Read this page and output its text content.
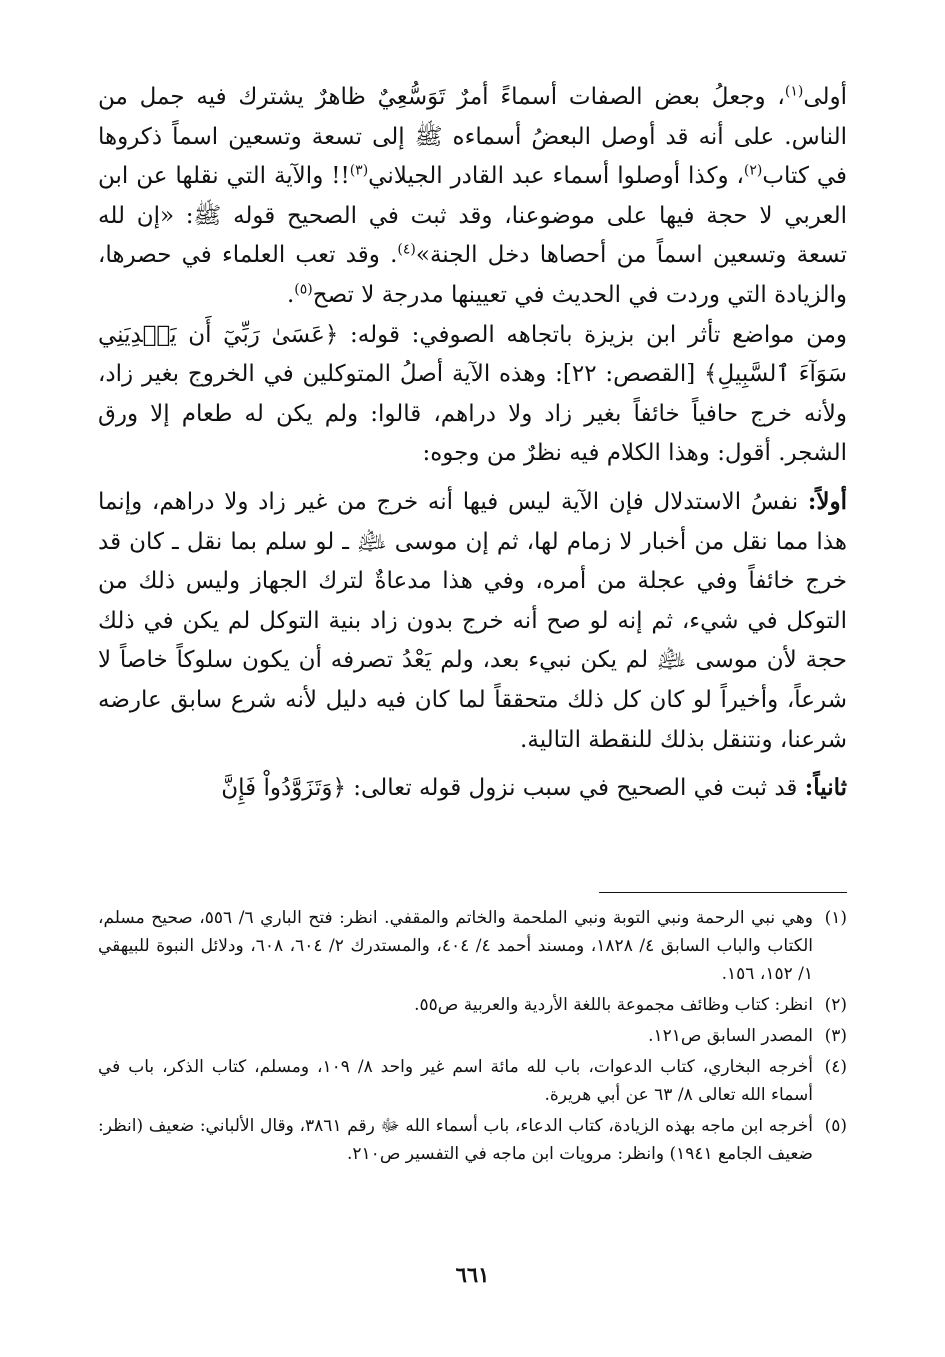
أولى$^{(١)}$، وجعلُ بعض الصفات أسماءً أمرٌ تَوَسُّعِيٌ ظاهرٌ يشترك فيه جمل من الناس. على أنه قد أوصل البعضُ أسماءه ﷺ إلى تسعة وتسعين اسماً ذكروها في كتاب$^{(٢)}$، وكذا أوصلوا أسماء عبد القادر الجيلاني$^{(٣)}$!! والآية التي نقلها عن ابن العربي لا حجة فيها على موضوعنا، وقد ثبت في الصحيح قوله ﷺ: «إن لله تسعة وتسعين اسماً من أحصاها دخل الجنة»$^{(٤)}$. وقد تعب العلماء في حصرها، والزيادة التي وردت في الحديث في تعيينها مدرجة لا تصح$^{(٥)}$.

ومن مواضع تأثر ابن بزيزة باتجاهه الصوفي: قوله: ﴿عَسَىٰ رَبِّيٓ أَن يَهۡدِيَنِي سَوَآءَ ٱلسَّبِيلِ﴾ [القصص: ٢٢]: وهذه الآية أصلُ المتوكلين في الخروج بغير زاد، ولأنه خرج حافياً خائفاً بغير زاد ولا دراهم، قالوا: ولم يكن له طعام إلا ورق الشجر. أقول: وهذا الكلام فيه نظرٌ من وجوه:

أولاً: نفسُ الاستدلال فإن الآية ليس فيها أنه خرج من غير زاد ولا دراهم، وإنما هذا مما نقل من أخبار لا زمام لها، ثم إن موسى ﵇ ـ لو سلم بما نقل ـ كان قد خرج خائفاً وفي عجلة من أمره، وفي هذا مدعاةٌ لترك الجهاز وليس ذلك من التوكل في شيء، ثم إنه لو صح أنه خرج بدون زاد بنية التوكل لم يكن في ذلك حجة لأن موسى ﵇ لم يكن نبيء بعد، ولم يَعْدُ تصرفه أن يكون سلوكاً خاصاً لا شرعاً، وأخيراً لو كان كل ذلك متحققاً لما كان فيه دليل لأنه شرع سابق عارضه شرعنا، ونتنقل بذلك للنقطة التالية.

ثانياً: قد ثبت في الصحيح في سبب نزول قوله تعالى: ﴿وَتَزَوَّدُواْ فَإِنَّ

(١)
وهي نبي الرحمة ونبي التوبة ونبي الملحمة والخاتم والمقفي. انظر: فتح الباري ٦/ ٥٥٦، صحيح مسلم، الكتاب والباب السابق ٤/ ١٨٢٨، ومسند أحمد ٤/ ٤٠٤، والمستدرك ٢/ ٦٠٤، ٦٠٨، ودلائل النبوة للبيهقي ١/ ١٥٢، ١٥٦.
(٢)
انظر: كتاب وظائف مجموعة باللغة الأردية والعربية ص٥٥.
(٣)
المصدر السابق ص١٢١.
(٤)
أخرجه البخاري، كتاب الدعوات، باب لله مائة اسم غير واحد ٨/ ١٠٩، ومسلم، كتاب الذكر، باب في أسماء الله تعالى ٨/ ٦٣ عن أبي هريرة.
(٥)
أخرجه ابن ماجه بهذه الزيادة، كتاب الدعاء، باب أسماء الله ﷻ رقم ٣٨٦١، وقال الألباني: ضعيف (انظر: ضعيف الجامع ١٩٤١) وانظر: مرويات ابن ماجه في التفسير ص٢١٠.
٦٦١
